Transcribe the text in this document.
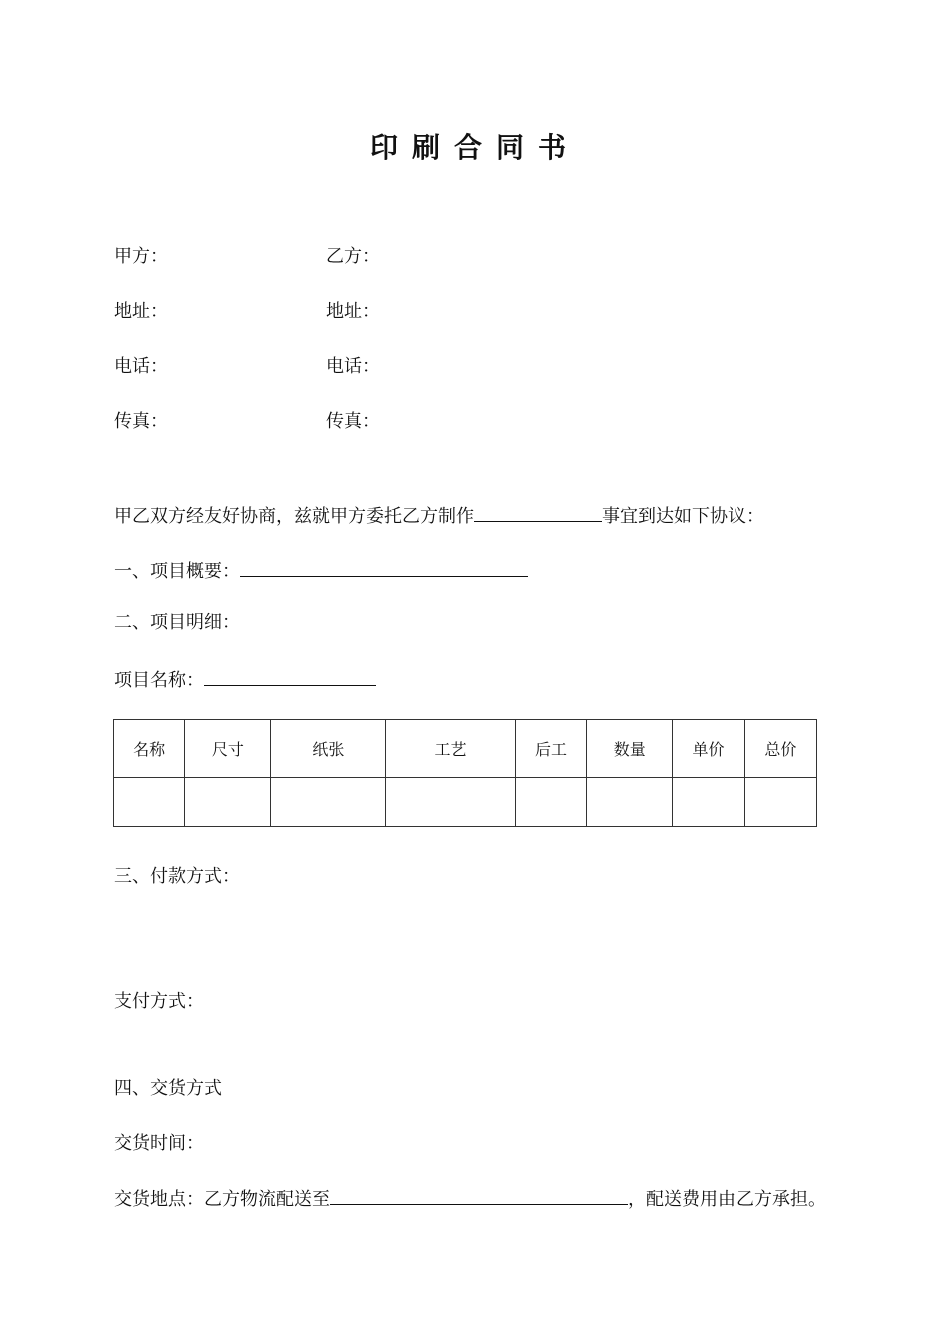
印刷合同书
甲方：	乙方：
地址：	地址：
电话：	电话：
传真：	传真：
甲乙双方经友好协商，兹就甲方委托乙方制作	事宜到达如下协议：
一、项目概要：
二、项目明细：
项目名称：
名称	尺寸	纸张	工艺	后工	数量	单价	总价

三、付款方式：
支付方式：
四、交货方式
交货时间：
交货地点：乙方物流配送至	，配送费用由乙方承担。
